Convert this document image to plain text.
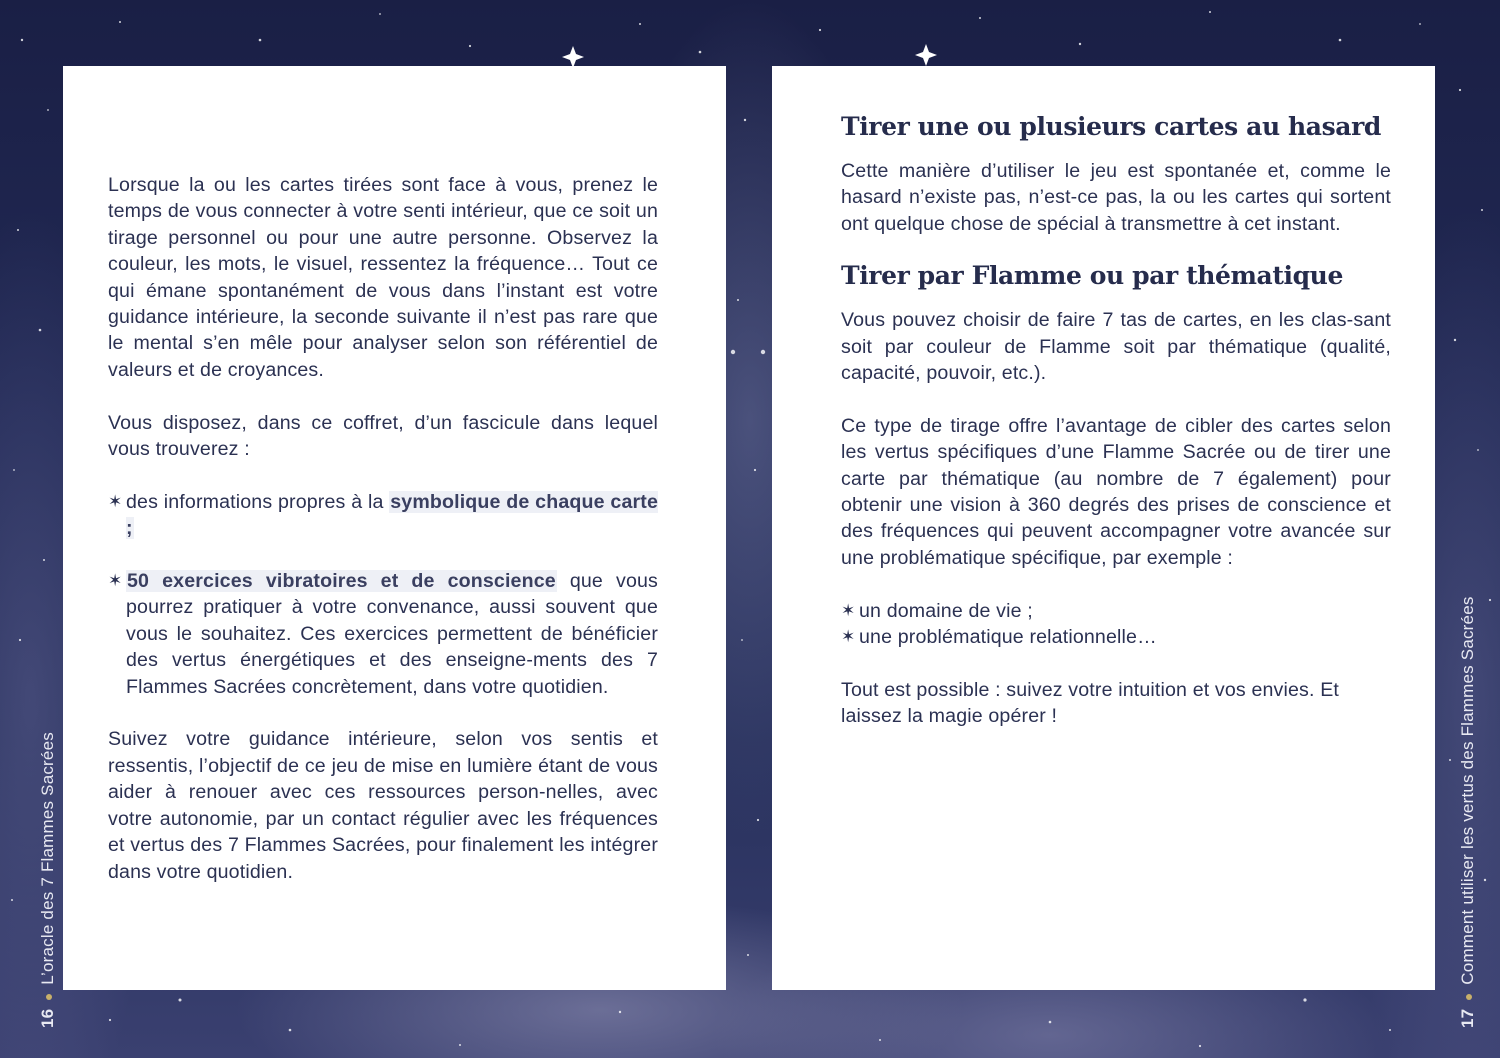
Lorsque la ou les cartes tirées sont face à vous, prenez le temps de vous connecter à votre senti intérieur, que ce soit un tirage personnel ou pour une autre personne. Observez la couleur, les mots, le visuel, ressentez la fréquence… Tout ce qui émane spontanément de vous dans l’instant est votre guidance intérieure, la seconde suivante il n’est pas rare que le mental s’en mêle pour analyser selon son référentiel de valeurs et de croyances.

Vous disposez, dans ce coffret, d’un fascicule dans lequel vous trouverez :

✶ des informations propres à la symbolique de chaque carte ;

✶ 50 exercices vibratoires et de conscience que vous pourrez pratiquer à votre convenance, aussi souvent que vous le souhaitez. Ces exercices permettent de bénéficier des vertus énergétiques et des enseigne-ments des 7 Flammes Sacrées concrètement, dans votre quotidien.

Suivez votre guidance intérieure, selon vos sentis et ressentis, l’objectif de ce jeu de mise en lumière étant de vous aider à renouer avec ces ressources person-nelles, avec votre autonomie, par un contact régulier avec les fréquences et vertus des 7 Flammes Sacrées, pour finalement les intégrer dans votre quotidien.

Tirer une ou plusieurs cartes au hasard

Cette manière d’utiliser le jeu est spontanée et, comme le hasard n’existe pas, n’est-ce pas, la ou les cartes qui sortent ont quelque chose de spécial à transmettre à cet instant.

Tirer par Flamme ou par thématique

Vous pouvez choisir de faire 7 tas de cartes, en les clas-sant soit par couleur de Flamme soit par thématique (qualité, capacité, pouvoir, etc.).

Ce type de tirage offre l’avantage de cibler des cartes selon les vertus spécifiques d’une Flamme Sacrée ou de tirer une carte par thématique (au nombre de 7 également) pour obtenir une vision à 360 degrés des prises de conscience et des fréquences qui peuvent accompagner votre avancée sur une problématique spécifique, par exemple :

✶ un domaine de vie ;

✶ une problématique relationnelle…

Tout est possible : suivez votre intuition et vos envies. Et laissez la magie opérer !

16L’oracle des 7 Flammes Sacrées
17Comment utiliser les vertus des Flammes Sacrées
